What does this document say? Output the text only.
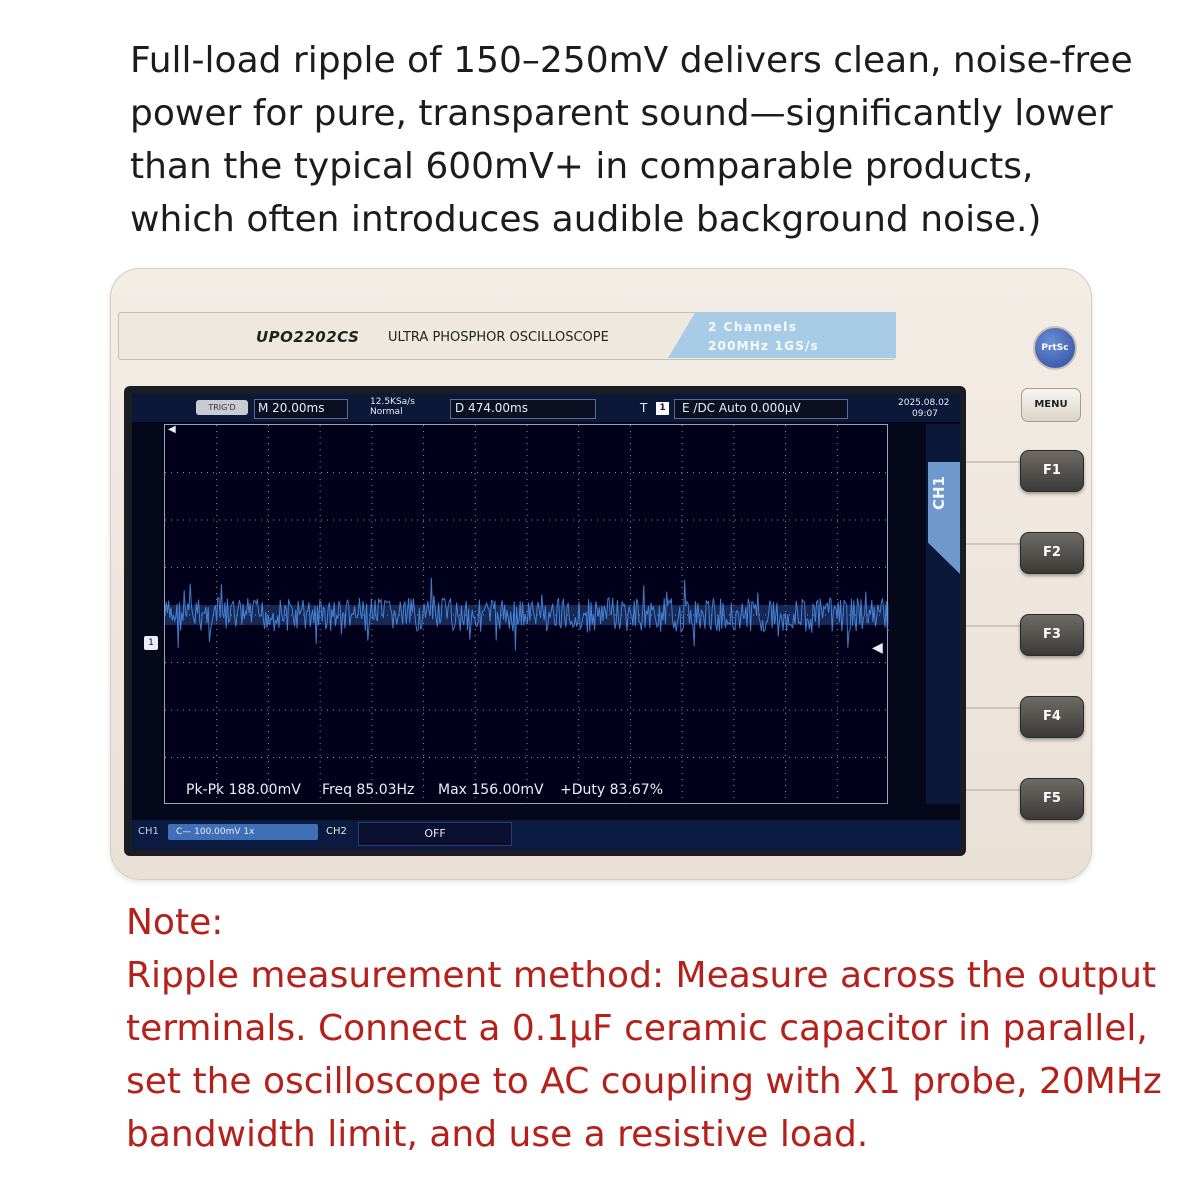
Full-load ripple of 150–250mV delivers clean, noise-free power for pure, transparent sound—significantly lower than the typical 600mV+ in comparable products, which often introduces audible background noise.)

UPO2202CS ULTRA PHOSPHOR OSCILLOSCOPE
2 Channels
200MHz 1GS/s
TRIG'D	M 20.00ms	12.5KSa/s
Normal	D 474.00ms	T	1 E /DC Auto 0.000µV	2025.08.02
09:07
CH1
1
◀
◀
Pk-Pk 188.00mV Freq 85.03Hz Max 156.00mV +Duty 83.67%
CH1	C— 100.00mV 1x	CH2	OFF
PrtSc
MENU
F1
F2
F3
F4
F5

Note:
Ripple measurement method: Measure across the output terminals. Connect a 0.1µF ceramic capacitor in parallel, set the oscilloscope to AC coupling with X1 probe, 20MHz bandwidth limit, and use a resistive load.
